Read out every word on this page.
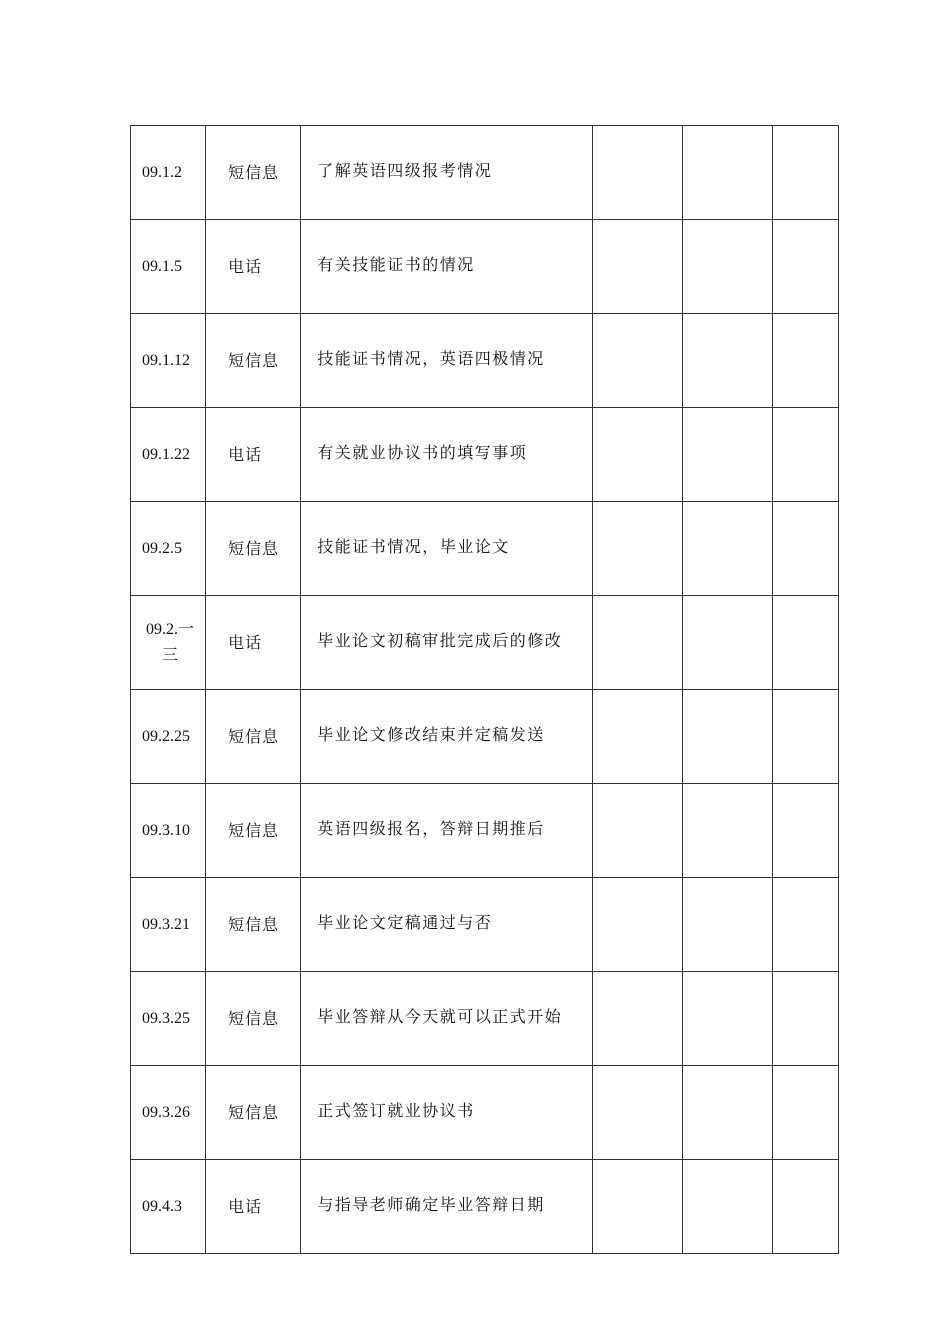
09.1.2	短信息	了解英语四级报考情况			
09.1.5	电话	有关技能证书的情况			
09.1.12	短信息	技能证书情况，英语四极情况			
09.1.22	电话	有关就业协议书的填写事项			
09.2.5	短信息	技能证书情况，毕业论文			
09.2.一三	电话	毕业论文初稿审批完成后的修改			
09.2.25	短信息	毕业论文修改结束并定稿发送			
09.3.10	短信息	英语四级报名，答辩日期推后			
09.3.21	短信息	毕业论文定稿通过与否			
09.3.25	短信息	毕业答辩从今天就可以正式开始			
09.3.26	短信息	正式签订就业协议书			
09.4.3	电话	与指导老师确定毕业答辩日期			
